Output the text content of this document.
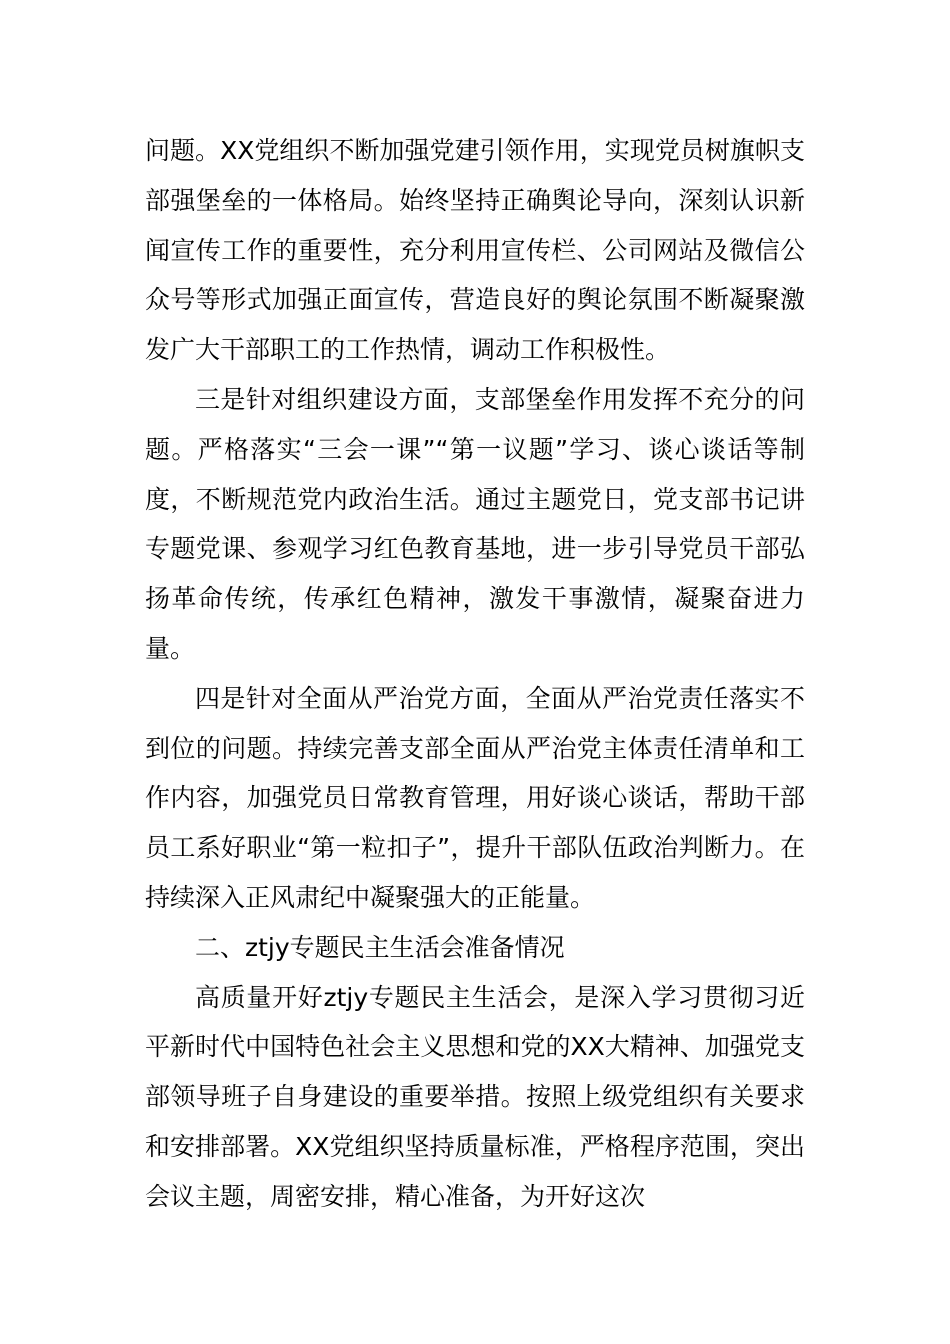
问题。XX党组织不断加强党建引领作用，实现党员树旗帜支部强堡垒的一体格局。始终坚持正确舆论导向，深刻认识新闻宣传工作的重要性，充分利用宣传栏、公司网站及微信公众号等形式加强正面宣传，营造良好的舆论氛围不断凝聚激发广大干部职工的工作热情，调动工作积极性。

三是针对组织建设方面，支部堡垒作用发挥不充分的问题。严格落实“三会一课”“第一议题”学习、谈心谈话等制度，不断规范党内政治生活。通过主题党日，党支部书记讲专题党课、参观学习红色教育基地，进一步引导党员干部弘扬革命传统，传承红色精神，激发干事激情，凝聚奋进力量。

四是针对全面从严治党方面，全面从严治党责任落实不到位的问题。持续完善支部全面从严治党主体责任清单和工作内容，加强党员日常教育管理，用好谈心谈话，帮助干部员工系好职业“第一粒扣子”，提升干部队伍政治判断力。在持续深入正风肃纪中凝聚强大的正能量。

二、ztjy专题民主生活会准备情况

高质量开好ztjy专题民主生活会，是深入学习贯彻习近平新时代中国特色社会主义思想和党的XX大精神、加强党支部领导班子自身建设的重要举措。按照上级党组织有关要求和安排部署。XX党组织坚持质量标准，严格程序范围，突出会议主题，周密安排，精心准备，为开好这次
